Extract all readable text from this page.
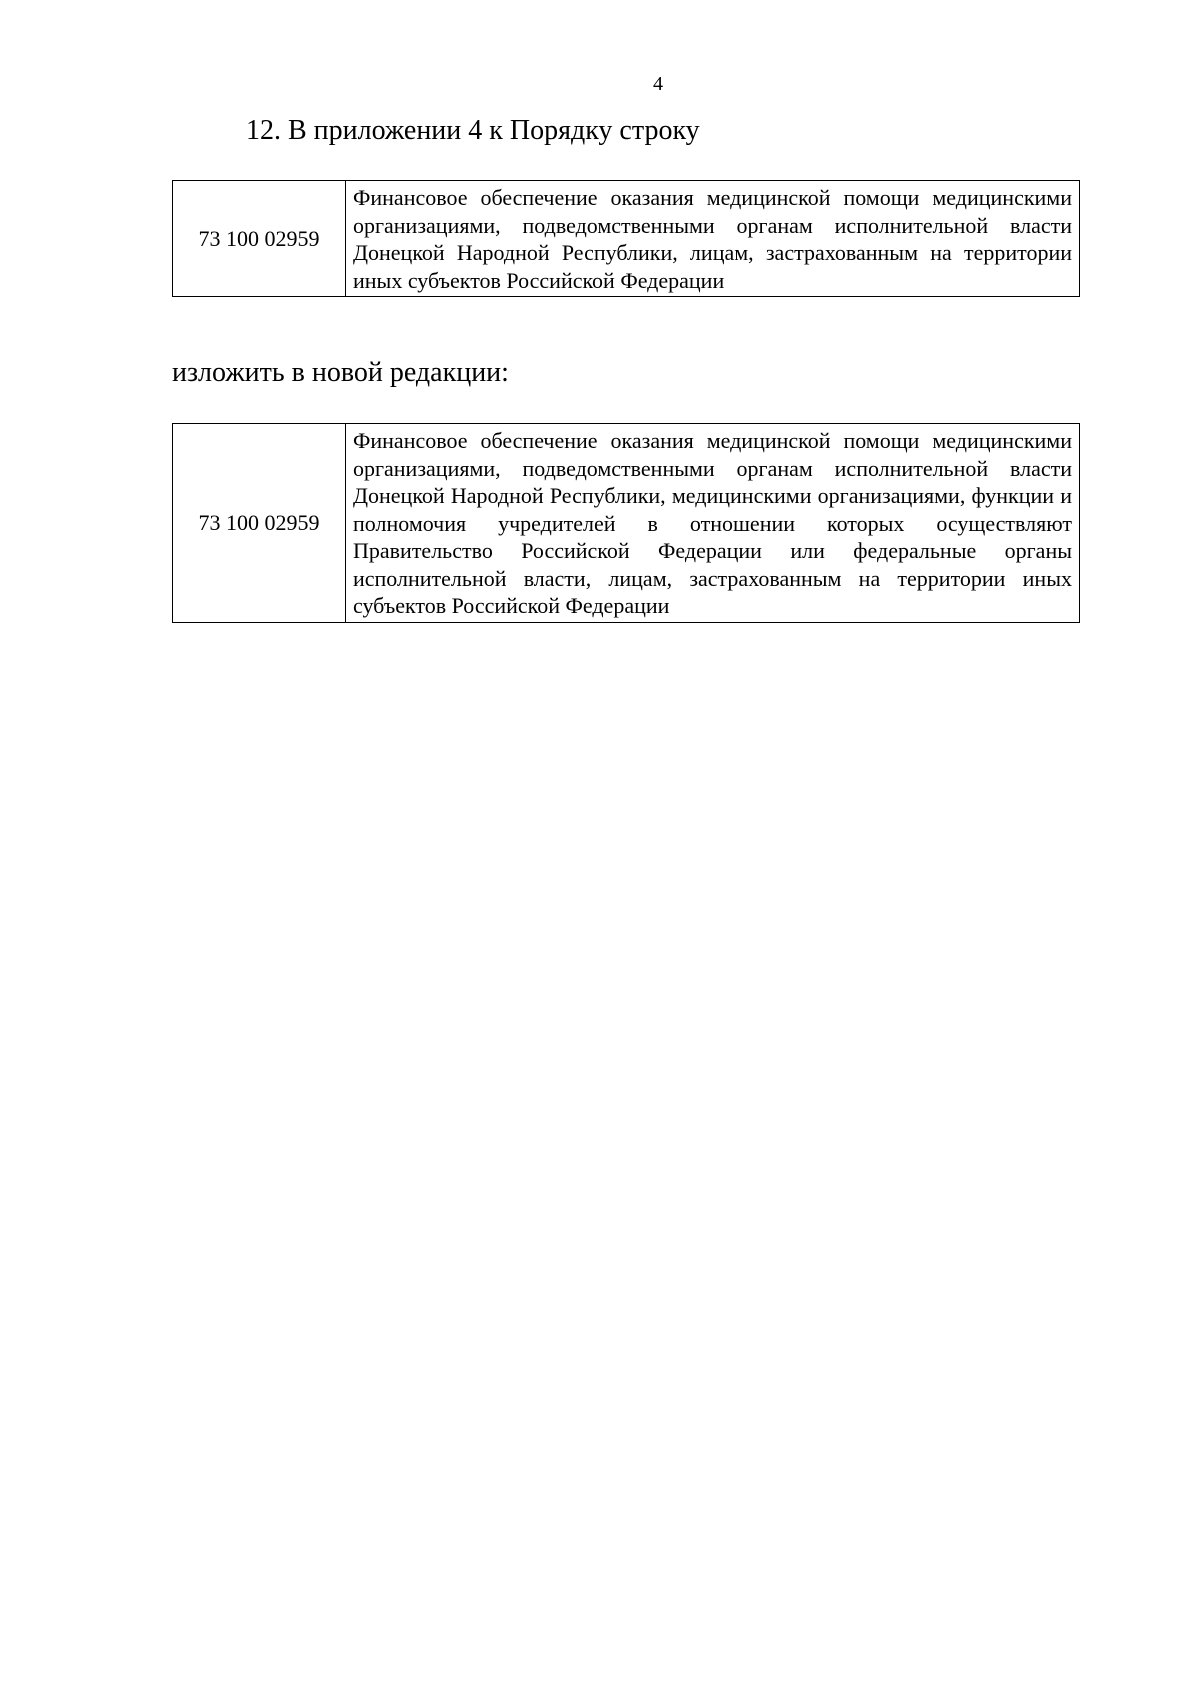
4
12. В приложении 4 к Порядку строку
73 100 02959	Финансовое обеспечение оказания медицинской помощи медицинскими организациями, подведомственными органам исполнительной власти Донецкой Народной Республики, лицам, застрахованным на территории иных субъектов Российской Федерации
изложить в новой редакции:
73 100 02959	Финансовое обеспечение оказания медицинской помощи медицинскими организациями, подведомственными органам исполнительной власти Донецкой Народной Республики, медицинскими организациями, функции и полномочия учредителей в отношении которых осуществляют Правительство Российской Федерации или федеральные органы исполнительной власти, лицам, застрахованным на территории иных субъектов Российской Федерации
